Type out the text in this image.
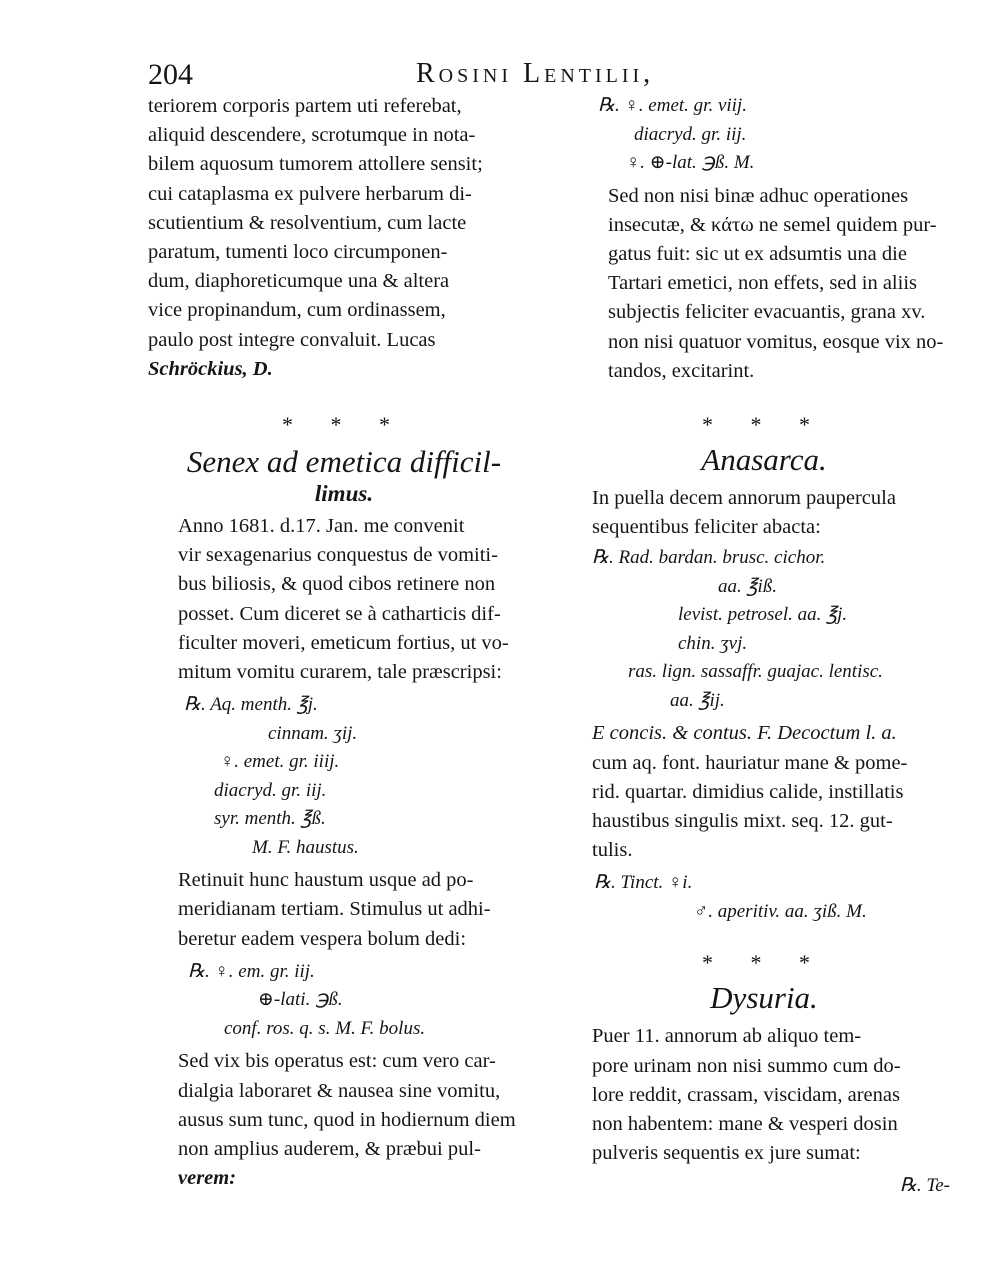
204	Rosini Lentilii,

teriorem corporis partem uti referebat,
aliquid descendere, scrotumque in nota-
bilem aquosum tumorem attollere sensit;
cui cataplasma ex pulvere herbarum di-
scutientium & resolventium, cum lacte
paratum, tumenti loco circumponen-
dum, diaphoreticumque una & altera
vice propinandum, cum ordinassem,
paulo post integre convaluit. Lucas
Schröckius, D.

* * *

Senex ad emetica difficil-

limus.

Anno 1681. d.17. Jan. me convenit
vir sexagenarius conquestus de vomiti-
bus biliosis, & quod cibos retinere non
posset. Cum diceret se à catharticis dif-
ficulter moveri, emeticum fortius, ut vo-
mitum vomitu curarem, tale præscripsi:

℞. Aq. menth. ℥j.
cinnam. ʒij.
♀. emet. gr. iiij.
diacryd. gr. iij.
syr. menth. ℥ß.
M. F. haustus.

Retinuit hunc haustum usque ad po-
meridianam tertiam. Stimulus ut adhi-
beretur eadem vespera bolum dedi:

℞. ♀. em. gr. iij.
⊕-lati. ℈ß.
conf. ros. q. s. M. F. bolus.

Sed vix bis operatus est: cum vero car-
dialgia laboraret & nausea sine vomitu,
ausus sum tunc, quod in hodiernum diem
non amplius auderem, & præbui pul-
verem:

℞. ♀. emet. gr. viij.
diacryd. gr. iij.
♀. ⊕-lat. ℈ß. M.

Sed non nisi binæ adhuc operationes
insecutæ, & κάτω ne semel quidem pur-
gatus fuit: sic ut ex adsumtis una die
Tartari emetici, non effets, sed in aliis
subjectis feliciter evacuantis, grana xv.
non nisi quatuor vomitus, eosque vix no-
tandos, excitarint.

* * *

Anasarca.

In puella decem annorum paupercula
sequentibus feliciter abacta:

℞. Rad. bardan. brusc. cichor.
aa. ℥iß.
levist. petrosel. aa. ℥j.
chin. ʒvj.
ras. lign. sassaffr. guajac. lentisc.
aa. ℥ij.

E concis. & contus. F. Decoctum l. a.
cum aq. font. hauriatur mane & pome-
rid. quartar. dimidius calide, instillatis
haustibus singulis mixt. seq. 12. gut-
tulis.

℞. Tinct. ♀i.
♂. aperitiv. aa. ʒiß. M.
* * *

Dysuria.

Puer 11. annorum ab aliquo tem-
pore urinam non nisi summo cum do-
lore reddit, crassam, viscidam, arenas
non habentem: mane & vesperi dosin
pulveris sequentis ex jure sumat:

℞. Te-
